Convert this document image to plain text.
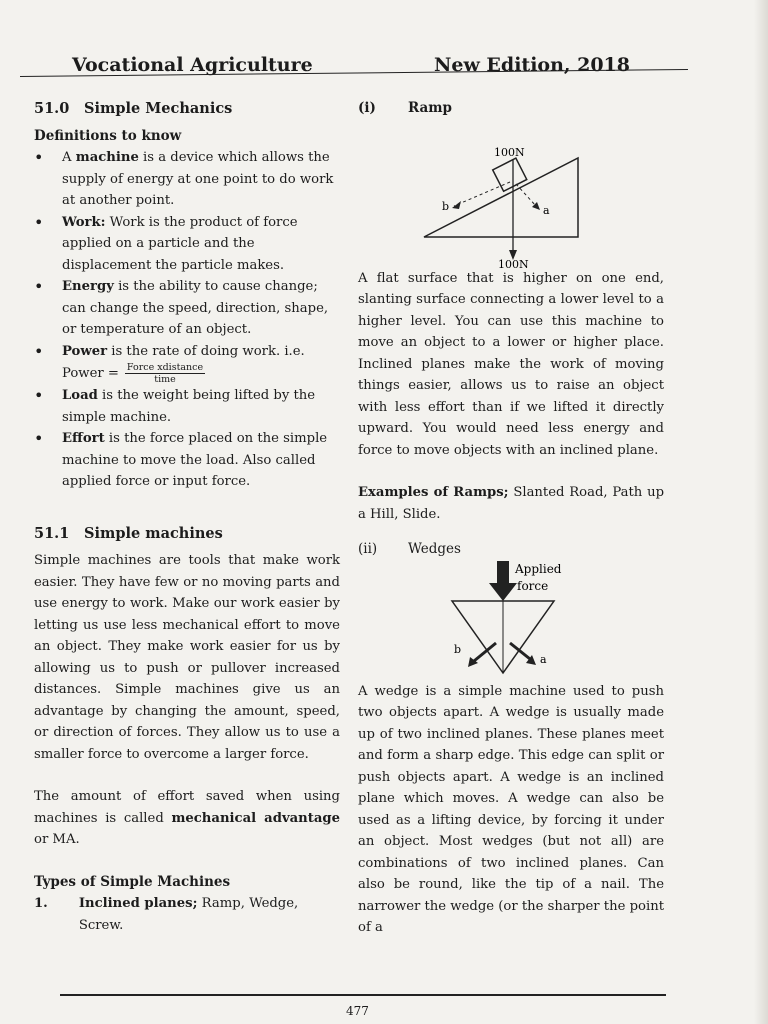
Vocational Agriculture	New Edition, 2018
51.0 Simple Mechanics
Definitions to know
• A machine is a device which allows the supply of energy at one point to do work at another point.
• Work: Work is the product of force applied on a particle and the displacement the particle makes.
• Energy is the ability to cause change; can change the speed, direction, shape, or temperature of an object.
• Power is the rate of doing work. i.e.

Power = $\frac{\text{Force xdistance}}{\text{time}}$
• Load is the weight being lifted by the simple machine.
• Effort is the force placed on the simple machine to move the load. Also called applied force or input force.
51.1 Simple machines

Simple machines are tools that make work easier. They have few or no moving parts and use energy to work. Make our work easier by letting us use less mechanical effort to move an object. They make work easier for us by allowing us to push or pullover increased distances. Simple machines give us an advantage by changing the amount, speed, or direction of forces. They allow us to use a smaller force to overcome a larger force.

The amount of effort saved when using machines is called mechanical advantage or MA.

Types of Simple Machines
1.	Inclined planes; Ramp, Wedge, Screw.
(i) Ramp
100N
100N
b	a

A flat surface that is higher on one end, slanting surface connecting a lower level to a higher level. You can use this machine to move an object to a lower or higher place. Inclined planes make the work of moving things easier, allows us to raise an object with less effort than if we lifted it directly upward. You would need less energy and force to move objects with an inclined plane.

Examples of Ramps; Slanted Road, Path up a Hill, Slide.

(ii) Wedges
Applied
force
b
a

A wedge is a simple machine used to push two objects apart. A wedge is usually made up of two inclined planes. These planes meet and form a sharp edge. This edge can split or push objects apart. A wedge is an inclined plane which moves. A wedge can also be used as a lifting device, by forcing it under an object. Most wedges (but not all) are combinations of two inclined planes. Can also be round, like the tip of a nail. The narrower the wedge (or the sharper the point of a

477
